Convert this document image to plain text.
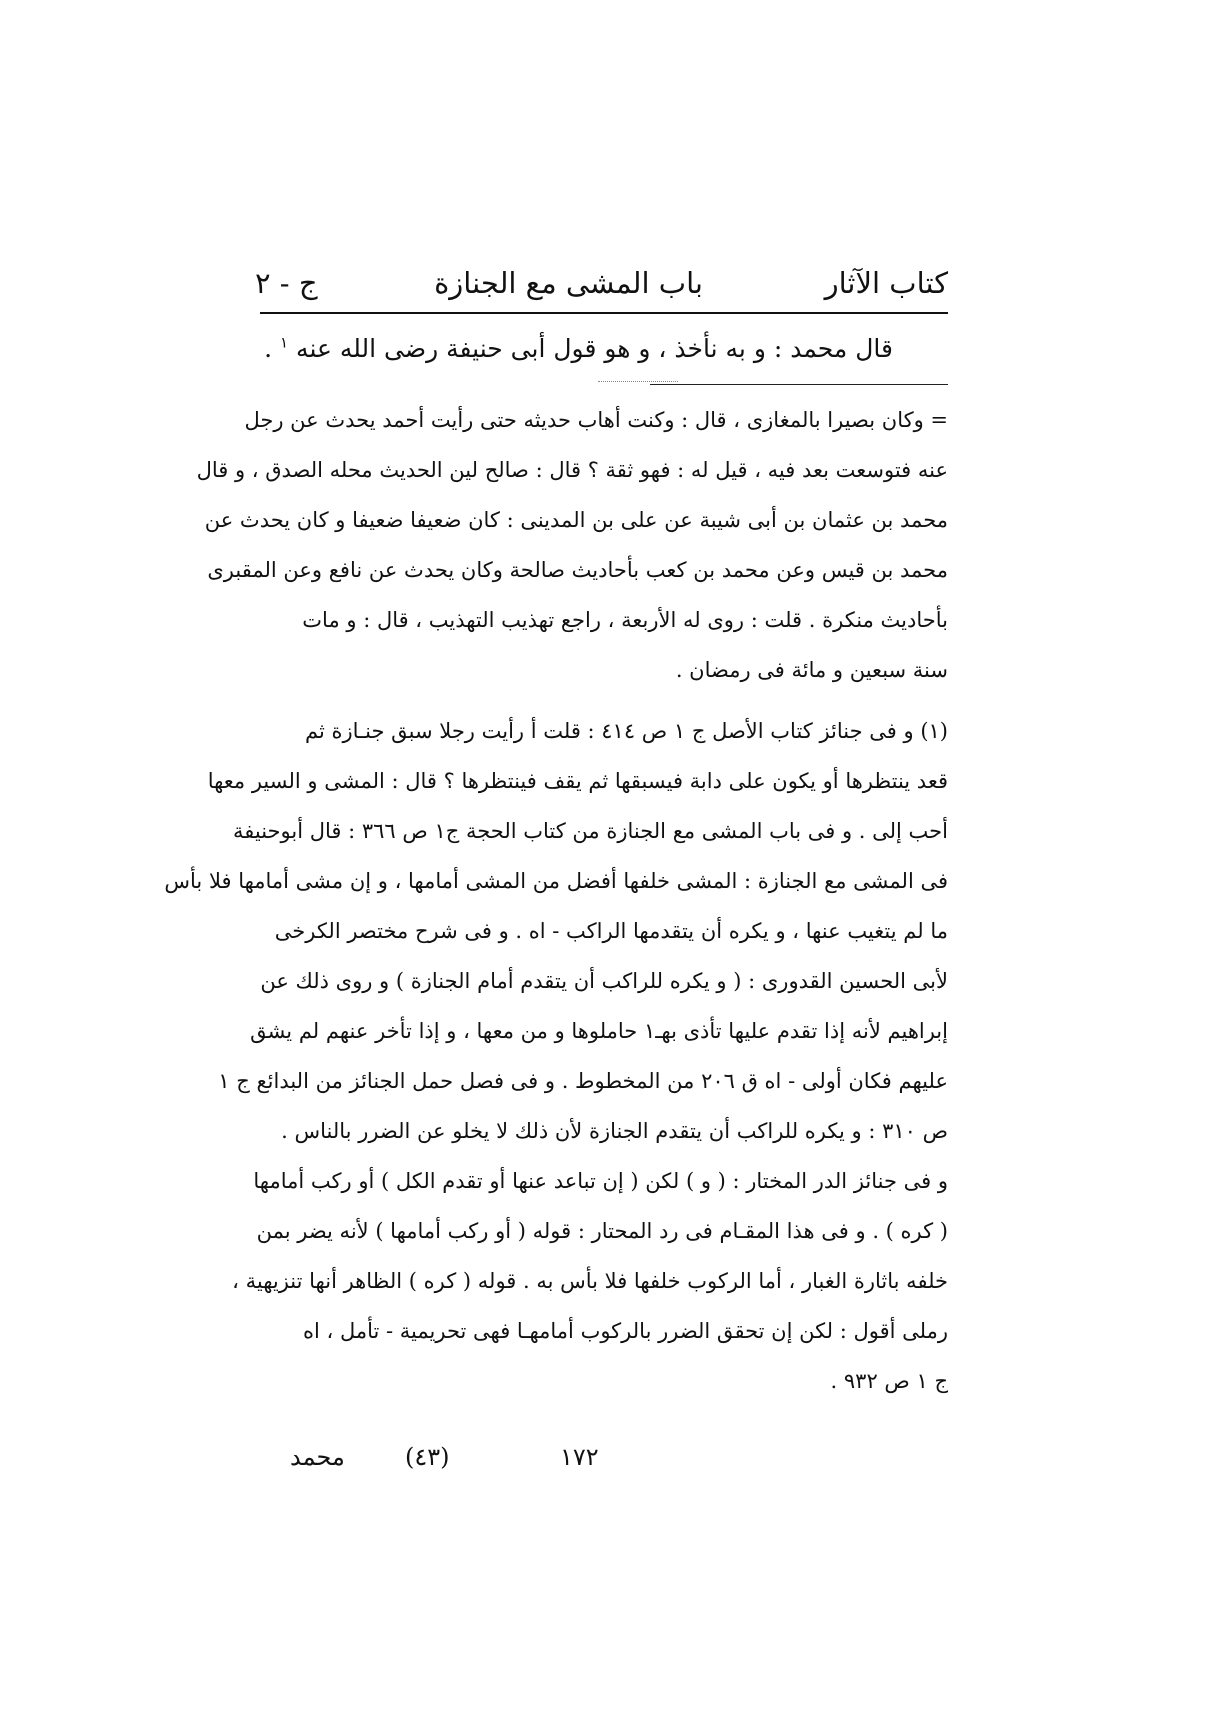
كتاب الآثار
باب المشى مع الجنازة
ج - ٢
قال محمد : و به نأخذ ، و هو قول أبى حنيفة رضى الله عنه $^١$ .
= وكان بصيرا بالمغازى ، قال : وكنت أهاب حديثه حتى رأيت أحمد يحدث عن رجل
عنه فتوسعت بعد فيه ، قيل له : فهو ثقة ؟ قال : صالح لين الحديث محله الصدق ، و قال
محمد بن عثمان بن أبى شيبة عن على بن المدينى : كان ضعيفا ضعيفا و كان يحدث عن
محمد بن قيس وعن محمد بن كعب بأحاديث صالحة وكان يحدث عن نافع وعن المقبرى
بأحاديث منكرة . قلت : روى له الأربعة ، راجع تهذيب التهذيب ، قال : و مات
سنة سبعين و مائة فى رمضان .
(١) و فى جنائز كتاب الأصل ج ١ ص ٤١٤ : قلت أ رأيت رجلا سبق جنـازة ثم
قعد ينتظرها أو يكون على دابة فيسبقها ثم يقف فينتظرها ؟ قال : المشى و السير معها
أحب إلى . و فى باب المشى مع الجنازة من كتاب الحجة ج١ ص ٣٦٦ : قال أبوحنيفة
فى المشى مع الجنازة : المشى خلفها أفضل من المشى أمامها ، و إن مشى أمامها فلا بأس
ما لم يتغيب عنها ، و يكره أن يتقدمها الراكب - اه . و فى شرح مختصر الكرخى
لأبى الحسين القدورى : ( و يكره للراكب أن يتقدم أمام الجنازة ) و روى ذلك عن
إبراهيم لأنه إذا تقدم عليها تأذى بهـ١ حاملوها و من معها ، و إذا تأخر عنهم لم يشق
عليهم فكان أولى - اه ق ٢٠٦ من المخطوط . و فى فصل حمل الجنائز من البدائع ج ١
ص ٣١٠ : و يكره للراكب أن يتقدم الجنازة لأن ذلك لا يخلو عن الضرر بالناس .
و فى جنائز الدر المختار : ( و ) لكن ( إن تباعد عنها أو تقدم الكل ) أو ركب أمامها
( كره ) . و فى هذا المقـام فى رد المحتار : قوله ( أو ركب أمامها ) لأنه يضر بمن
خلفه باثارة الغبار ، أما الركوب خلفها فلا بأس به . قوله ( كره ) الظاهر أنها تنزيهية ،
رملى أقول : لكن إن تحقق الضرر بالركوب أمامهـا فهى تحريمية - تأمل ، اه
ج ١ ص ٩٣٢ .
محمد	(٤٣)	١٧٢
